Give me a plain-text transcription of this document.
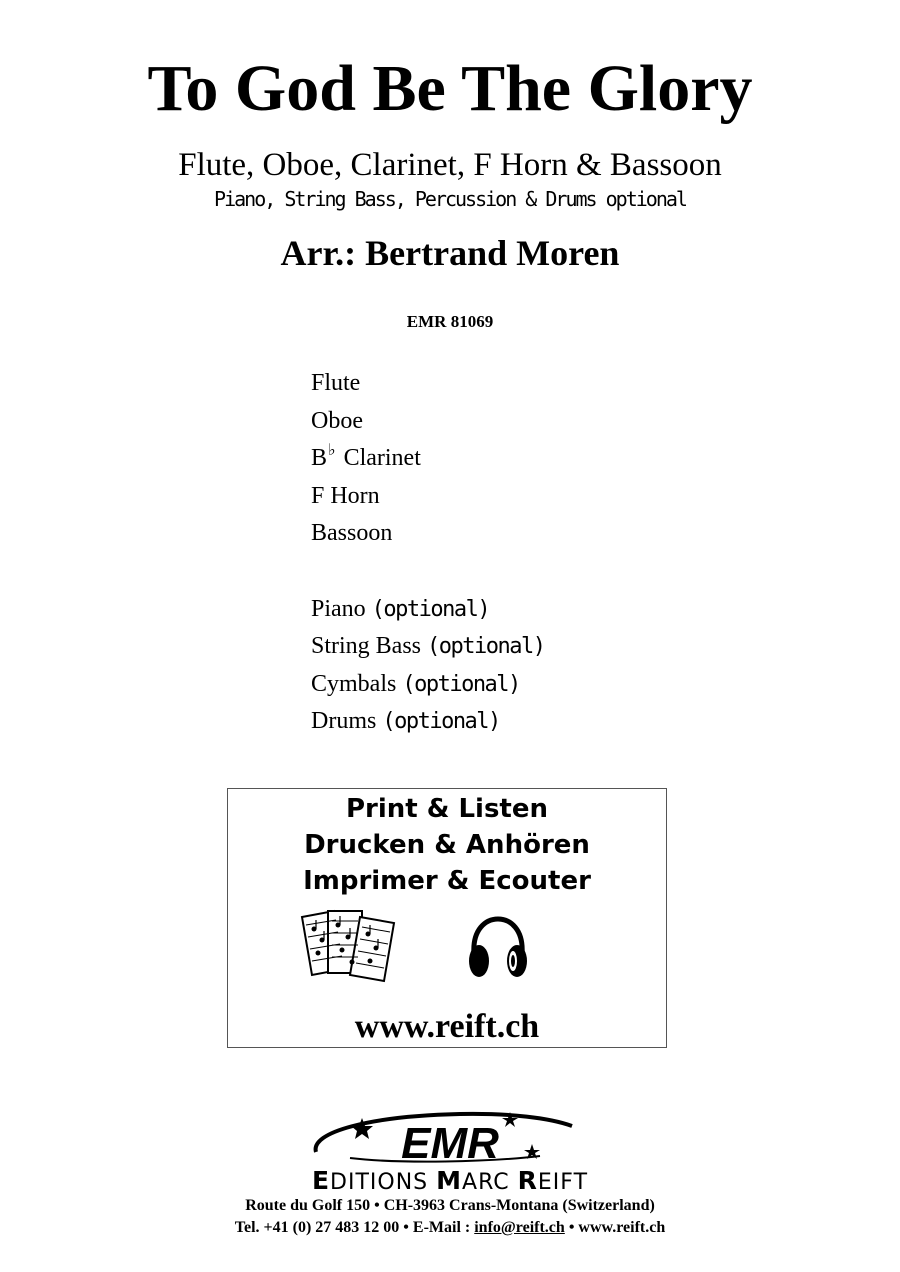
To God Be The Glory
Flute, Oboe, Clarinet, F Horn & Bassoon
Piano, String Bass, Percussion & Drums optional
Arr.: Bertrand Moren
EMR 81069
Flute
Oboe
B♭ Clarinet
F Horn
Bassoon
Piano (optional)
String Bass (optional)
Cymbals (optional)
Drums (optional)
Print & Listen
Drucken & Anhören
Imprimer & Ecouter
www.reift.ch
EMR
EDITIONS MARC REIFT
Route du Golf 150 • CH-3963 Crans-Montana (Switzerland)
Tel. +41 (0) 27 483 12 00 • E-Mail : info@reift.ch • www.reift.ch
